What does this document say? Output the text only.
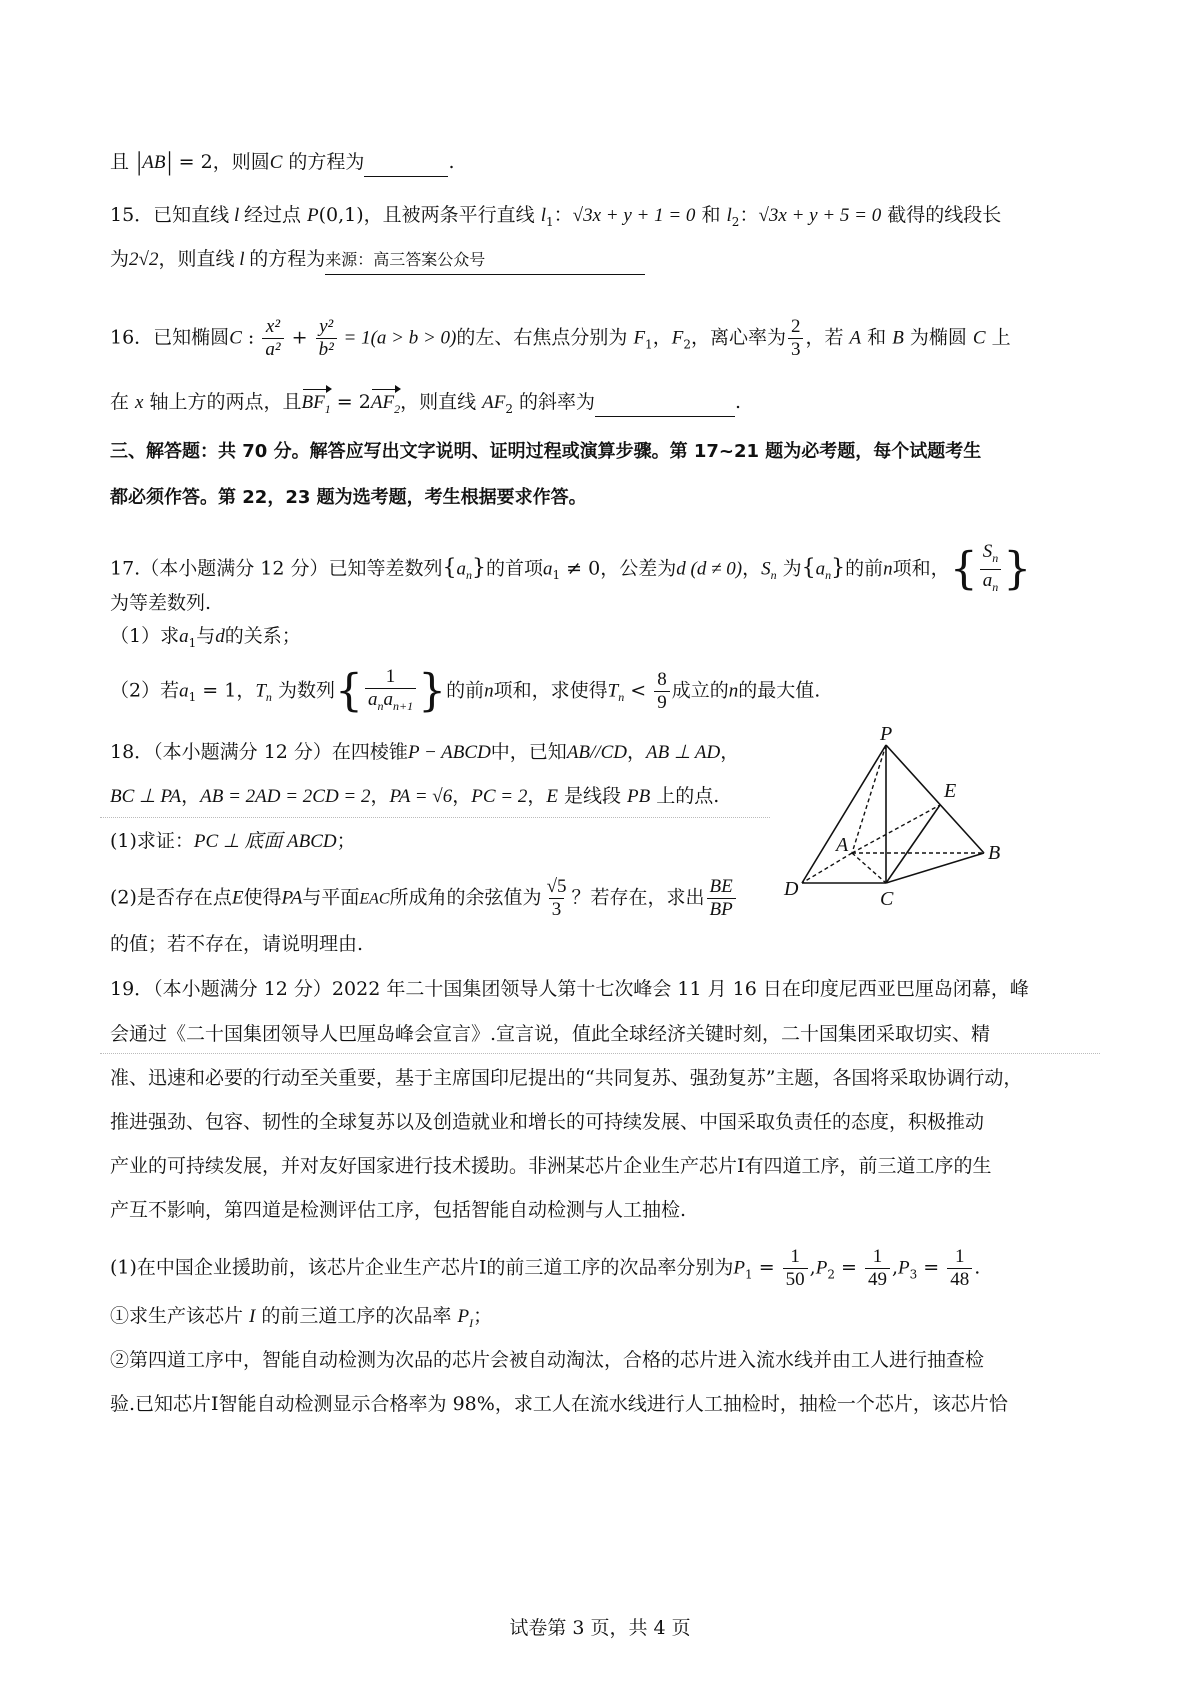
且 |AB| = 2，则圆C 的方程为	.
15．已知直线 l 经过点 P(0,1)，且被两条平行直线 $l_1$：√3x + y + 1 = 0 和 $l_2$：√3x + y + 5 = 0 截得的线段长
为2√2，则直线 l 的方程为来源：高三答案公众号
16．已知椭圆C : $\frac{\text{x²}}{\text{a²}} + \frac{\text{y²}}{\text{b²}} = 1(a > b > 0)$的左、右焦点分别为 $F_1$，$F_2$，离心率为 $\frac{2}{3}$ ，若 A 和 B 为椭圆 C 上
在 x 轴上方的两点，且$BF_1 = 2AF_2$，则直线 $AF_2$ 的斜率为	.
三、解答题：共 70 分。解答应写出文字说明、证明过程或演算步骤。第 17~21 题为必考题，每个试题考生
都必须作答。第 22，23 题为选考题，考生根据要求作答。
17.（本小题满分 12 分）已知等差数列$\{a_n\}$的首项$a_1 \ne 0$，公差为d (d ≠ 0)，$S_n$ 为$\{a_n\}$的前n项和，{ $\frac{S_n}{a_n}$ }
为等差数列.
（1）求$a_1$与d的关系；
（2）若$a_1 = 1$，$T_n$ 为数列{ $\frac{1}{a_na_{n+1}}$ }的前n项和，求使得$T_n < \frac{8}{9}$ 成立的n的最大值.
18．（本小题满分 12 分）在四棱锥P − ABCD中，已知AB//CD，AB ⊥ AD，
BC ⊥ PA，AB = 2AD = 2CD = 2，PA = √6，PC = 2，E 是线段 PB 上的点.
(1)求证：PC ⊥ 底面 ABCD；
(2)是否存在点E使得PA与平面EAC所成角的余弦值为 $\frac{√5}{3}$ ？若存在，求出 $\frac{BE}{BP}$
的值；若不存在，请说明理由.
P
E
A	B
C
D
19．（本小题满分 12 分）2022 年二十国集团领导人第十七次峰会 11 月 16 日在印度尼西亚巴厘岛闭幕，峰
会通过《二十国集团领导人巴厘岛峰会宣言》.宣言说，值此全球经济关键时刻，二十国集团采取切实、精
准、迅速和必要的行动至关重要，基于主席国印尼提出的“共同复苏、强劲复苏”主题，各国将采取协调行动，
推进强劲、包容、韧性的全球复苏以及创造就业和增长的可持续发展、中国采取负责任的态度，积极推动
产业的可持续发展，并对友好国家进行技术援助。非洲某芯片企业生产芯片I有四道工序，前三道工序的生
产互不影响，第四道是检测评估工序，包括智能自动检测与人工抽检.
(1)在中国企业援助前，该芯片企业生产芯片I的前三道工序的次品率分别为$P_1 = \frac{1}{50} ,P_2 = \frac{1}{49} ,P_3 = \frac{1}{48}$ .
①求生产该芯片 I 的前三道工序的次品率 $P_I$；
②第四道工序中，智能自动检测为次品的芯片会被自动淘汰，合格的芯片进入流水线并由工人进行抽查检
验.已知芯片I智能自动检测显示合格率为 98%，求工人在流水线进行人工抽检时，抽检一个芯片，该芯片恰
试卷第 3 页，共 4 页
